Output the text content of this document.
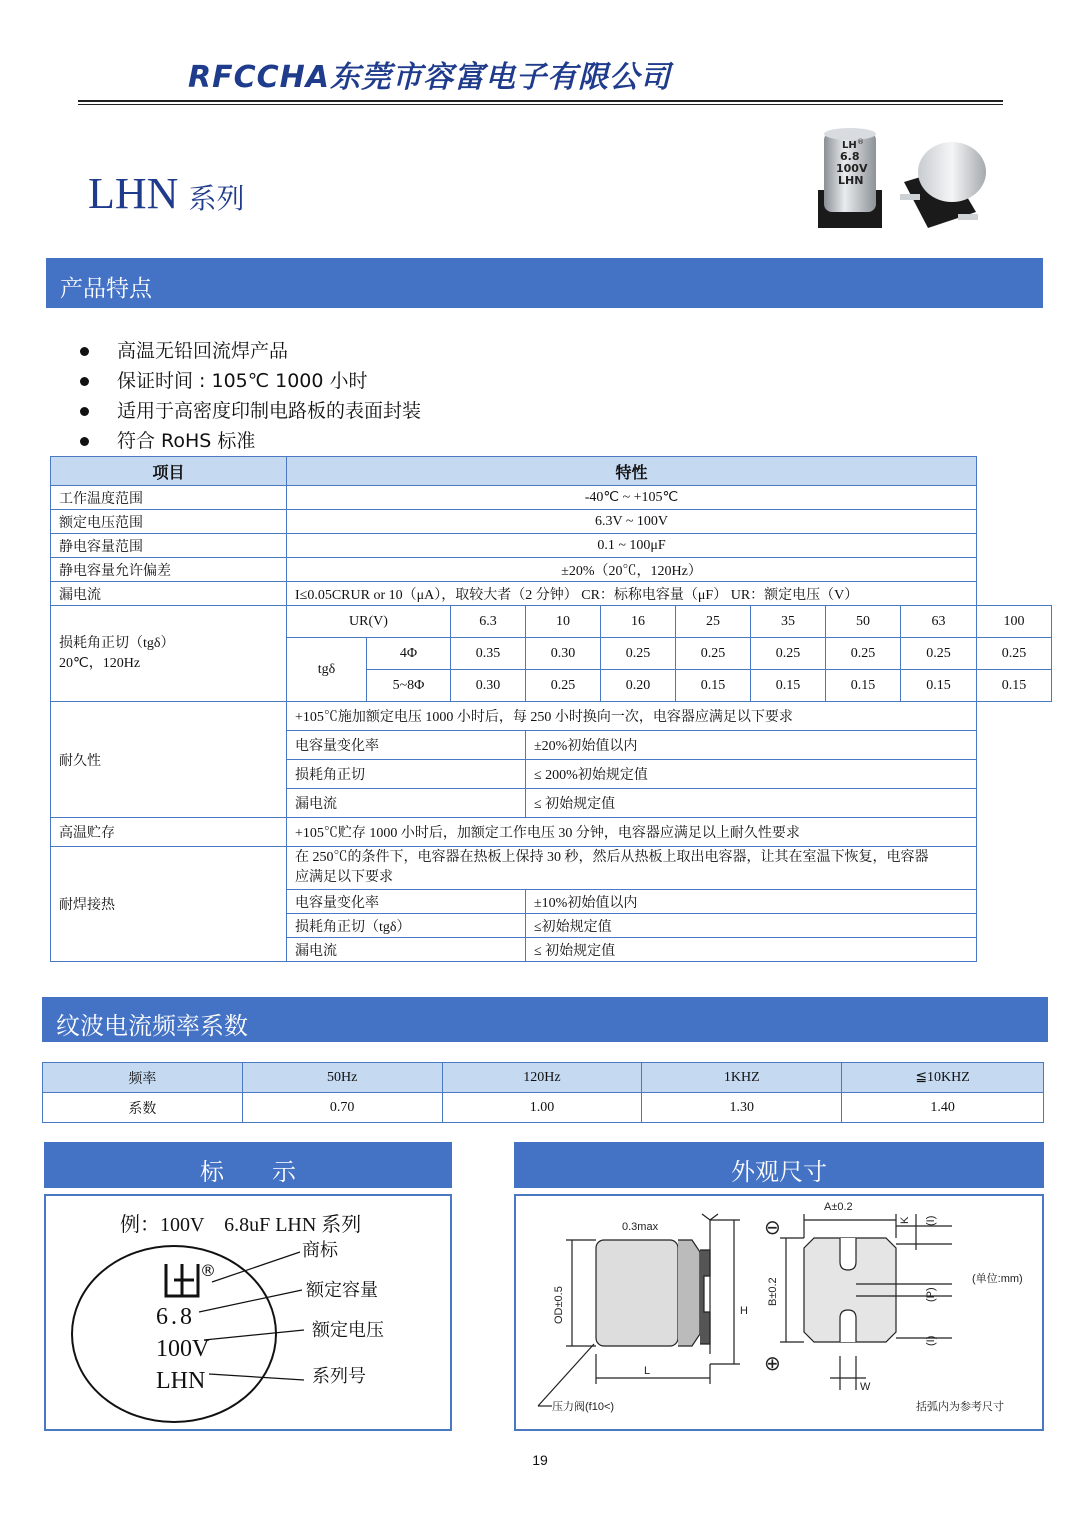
RFCCHA东莞市容富电子有限公司
LHN 系列
LH ®
6.8
100V
LHN
产品特点
高温无铅回流焊产品
保证时间 : 105℃ 1000 小时
适用于高密度印制电路板的表面封装
符合 RoHS 标准
项目	特性									
工作温度范围	-40℃ ~ +105℃									
额定电压范围	6.3V ~ 100V									
静电容量范围	0.1 ~ 100μF									
静电容量允许偏差	±20%（20℃，120Hz）									
漏电流	I≤0.05CRUR or 10（μA），取较大者（2 分钟） CR：标称电容量（μF） UR：额定电压（V）									

损耗角正切（tgδ）
20℃，120Hz	UR(V)		6.3	10	16	25	35	50	63	100
	tgδ	4Φ	0.35	0.30	0.25	0.25	0.25	0.25	0.25	0.25
		5~8Φ	0.30	0.25	0.20	0.15	0.15	0.15	0.15	0.15
耐久性	+105℃施加额定电压 1000 小时后，每 250 小时换向一次，电容器应满足以下要求									
	电容量变化率			±20%初始值以内						
	损耗角正切			≤ 200%初始规定值						
	漏电流			≤ 初始规定值						
高温贮存	+105℃贮存 1000 小时后，加额定工作电压 30 分钟，电容器应满足以上耐久性要求									
耐焊接热	在 250℃的条件下，电容器在热板上保持 30 秒，然后从热板上取出电容器，让其在室温下恢复，电容器
应满足以下要求									

	电容量变化率			±10%初始值以内						
	损耗角正切（tgδ）			≤初始规定值						
	漏电流			≤ 初始规定值						
纹波电流频率系数
频率	50Hz	120Hz	1KHZ	≦10KHZ
系数	0.70	1.00	1.30	1.40
标　　示
例：100V　6.8uF LHN 系列
®
6.8
100V
LHN
商标
额定容量
额定电压
系列号
外观尺寸
0.3max
OD±0.5	H
L
A±0.2
B±0.2
K
W
(I)
(P)
(I)
(单位:mm)
压力阀(f10<)	括弧内为参考尺寸
⊖
⊕
19
